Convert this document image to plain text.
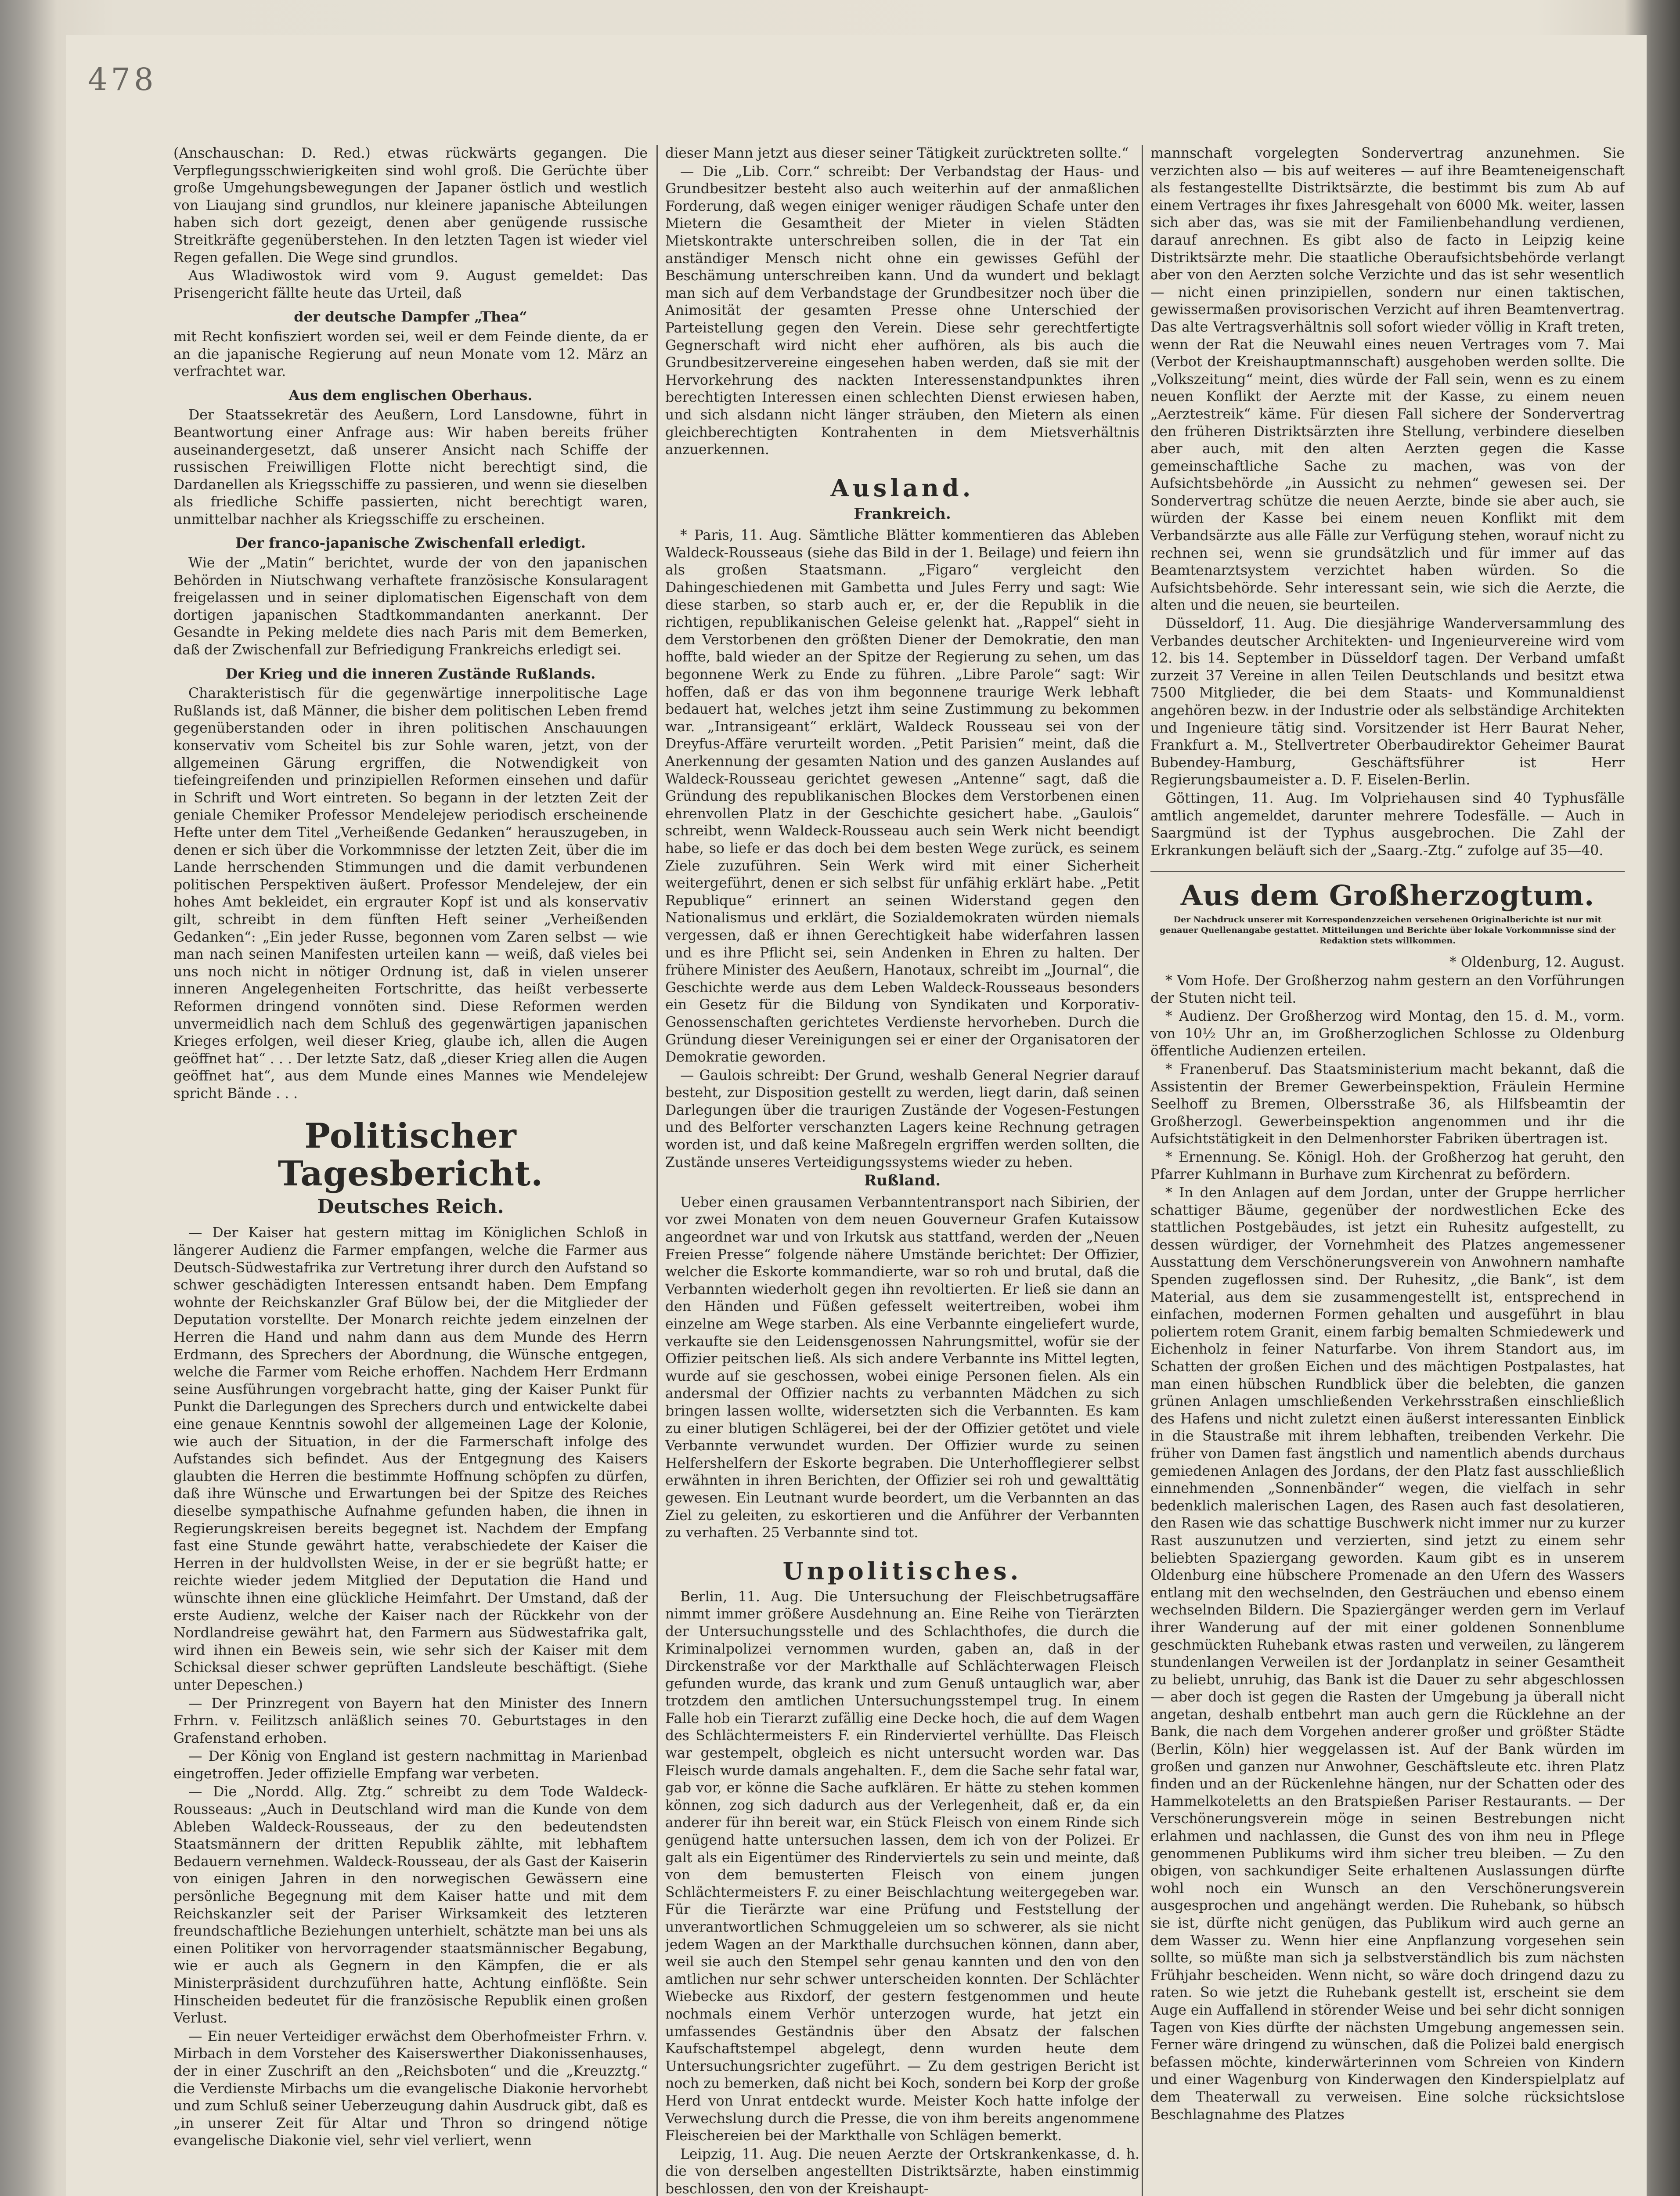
478

(Anschauschan: D. Red.) etwas rückwärts gegangen. Die Verpflegungsschwierigkeiten sind wohl groß. Die Gerüchte über große Umgehungsbewegungen der Japaner östlich und westlich von Liaujang sind grundlos, nur kleinere japanische Abteilungen haben sich dort gezeigt, denen aber genügende russische Streitkräfte gegenüberstehen. In den letzten Tagen ist wieder viel Regen gefallen. Die Wege sind grundlos.

Aus Wladiwostok wird vom 9. August gemeldet: Das Prisengericht fällte heute das Urteil, daß

der deutsche Dampfer „Thea“

mit Recht konfisziert worden sei, weil er dem Feinde diente, da er an die japanische Regierung auf neun Monate vom 12. März an verfrachtet war.

Aus dem englischen Oberhaus.

Der Staatssekretär des Aeußern, Lord Lansdowne, führt in Beantwortung einer Anfrage aus: Wir haben bereits früher auseinandergesetzt, daß unserer Ansicht nach Schiffe der russischen Freiwilligen Flotte nicht berechtigt sind, die Dardanellen als Kriegsschiffe zu passieren, und wenn sie dieselben als friedliche Schiffe passierten, nicht berechtigt waren, unmittelbar nachher als Kriegsschiffe zu erscheinen.

Der franco-japanische Zwischenfall erledigt.

Wie der „Matin“ berichtet, wurde der von den japanischen Behörden in Niutschwang verhaftete französische Konsularagent freigelassen und in seiner diplomatischen Eigenschaft von dem dortigen japanischen Stadtkommandanten anerkannt. Der Gesandte in Peking meldete dies nach Paris mit dem Bemerken, daß der Zwischenfall zur Befriedigung Frankreichs erledigt sei.

Der Krieg und die inneren Zustände Rußlands.

Charakteristisch für die gegenwärtige innerpolitische Lage Rußlands ist, daß Männer, die bisher dem politischen Leben fremd gegenüberstanden oder in ihren politischen Anschauungen konservativ vom Scheitel bis zur Sohle waren, jetzt, von der allgemeinen Gärung ergriffen, die Notwendigkeit von tiefeingreifenden und prinzipiellen Reformen einsehen und dafür in Schrift und Wort eintreten. So begann in der letzten Zeit der geniale Chemiker Professor Mendelejew periodisch erscheinende Hefte unter dem Titel „Verheißende Gedanken“ herauszugeben, in denen er sich über die Vorkommnisse der letzten Zeit, über die im Lande herrschenden Stimmungen und die damit verbundenen politischen Perspektiven äußert. Professor Mendelejew, der ein hohes Amt bekleidet, ein ergrauter Kopf ist und als konservativ gilt, schreibt in dem fünften Heft seiner „Verheißenden Gedanken“: „Ein jeder Russe, begonnen vom Zaren selbst — wie man nach seinen Manifesten urteilen kann — weiß, daß vieles bei uns noch nicht in nötiger Ordnung ist, daß in vielen unserer inneren Angelegenheiten Fortschritte, das heißt verbesserte Reformen dringend vonnöten sind. Diese Reformen werden unvermeidlich nach dem Schluß des gegenwärtigen japanischen Krieges erfolgen, weil dieser Krieg, glaube ich, allen die Augen geöffnet hat“ . . . Der letzte Satz, daß „dieser Krieg allen die Augen geöffnet hat“, aus dem Munde eines Mannes wie Mendelejew spricht Bände . . .

Politischer Tagesbericht.
Deutsches Reich.

— Der Kaiser hat gestern mittag im Königlichen Schloß in längerer Audienz die Farmer empfangen, welche die Farmer aus Deutsch-Südwestafrika zur Vertretung ihrer durch den Aufstand so schwer geschädigten Interessen entsandt haben. Dem Empfang wohnte der Reichskanzler Graf Bülow bei, der die Mitglieder der Deputation vorstellte. Der Monarch reichte jedem einzelnen der Herren die Hand und nahm dann aus dem Munde des Herrn Erdmann, des Sprechers der Abordnung, die Wünsche entgegen, welche die Farmer vom Reiche erhoffen. Nachdem Herr Erdmann seine Ausführungen vorgebracht hatte, ging der Kaiser Punkt für Punkt die Darlegungen des Sprechers durch und entwickelte dabei eine genaue Kenntnis sowohl der allgemeinen Lage der Kolonie, wie auch der Situation, in der die Farmerschaft infolge des Aufstandes sich befindet. Aus der Entgegnung des Kaisers glaubten die Herren die bestimmte Hoffnung schöpfen zu dürfen, daß ihre Wünsche und Erwartungen bei der Spitze des Reiches dieselbe sympathische Aufnahme gefunden haben, die ihnen in Regierungskreisen bereits begegnet ist. Nachdem der Empfang fast eine Stunde gewährt hatte, verabschiedete der Kaiser die Herren in der huldvollsten Weise, in der er sie begrüßt hatte; er reichte wieder jedem Mitglied der Deputation die Hand und wünschte ihnen eine glückliche Heimfahrt. Der Umstand, daß der erste Audienz, welche der Kaiser nach der Rückkehr von der Nordlandreise gewährt hat, den Farmern aus Südwestafrika galt, wird ihnen ein Beweis sein, wie sehr sich der Kaiser mit dem Schicksal dieser schwer geprüften Landsleute beschäftigt. (Siehe unter Depeschen.)

— Der Prinzregent von Bayern hat den Minister des Innern Frhrn. v. Feilitzsch anläßlich seines 70. Geburtstages in den Grafenstand erhoben.

— Der König von England ist gestern nachmittag in Marienbad eingetroffen. Jeder offizielle Empfang war verbeten.

— Die „Nordd. Allg. Ztg.“ schreibt zu dem Tode Waldeck-Rousseaus: „Auch in Deutschland wird man die Kunde von dem Ableben Waldeck-Rousseaus, der zu den bedeutendsten Staatsmännern der dritten Republik zählte, mit lebhaftem Bedauern vernehmen. Waldeck-Rousseau, der als Gast der Kaiserin von einigen Jahren in den norwegischen Gewässern eine persönliche Begegnung mit dem Kaiser hatte und mit dem Reichskanzler seit der Pariser Wirksamkeit des letzteren freundschaftliche Beziehungen unterhielt, schätzte man bei uns als einen Politiker von hervorragender staatsmännischer Begabung, wie er auch als Gegnern in den Kämpfen, die er als Ministerpräsident durchzuführen hatte, Achtung einflößte. Sein Hinscheiden bedeutet für die französische Republik einen großen Verlust.

— Ein neuer Verteidiger erwächst dem Oberhofmeister Frhrn. v. Mirbach in dem Vorsteher des Kaiserswerther Diakonissenhauses, der in einer Zuschrift an den „Reichsboten“ und die „Kreuzztg.“ die Verdienste Mirbachs um die evangelische Diakonie hervorhebt und zum Schluß seiner Ueberzeugung dahin Ausdruck gibt, daß es „in unserer Zeit für Altar und Thron so dringend nötige evangelische Diakonie viel, sehr viel verliert, wenn

dieser Mann jetzt aus dieser seiner Tätigkeit zurücktreten sollte.“

— Die „Lib. Corr.“ schreibt: Der Verbandstag der Haus- und Grundbesitzer besteht also auch weiterhin auf der anmaßlichen Forderung, daß wegen einiger weniger räudigen Schafe unter den Mietern die Gesamtheit der Mieter in vielen Städten Mietskontrakte unterschreiben sollen, die in der Tat ein anständiger Mensch nicht ohne ein gewisses Gefühl der Beschämung unterschreiben kann. Und da wundert und beklagt man sich auf dem Verbandstage der Grundbesitzer noch über die Animosität der gesamten Presse ohne Unterschied der Parteistellung gegen den Verein. Diese sehr gerechtfertigte Gegnerschaft wird nicht eher aufhören, als bis auch die Grundbesitzervereine eingesehen haben werden, daß sie mit der Hervorkehrung des nackten Interessenstandpunktes ihren berechtigten Interessen einen schlechten Dienst erwiesen haben, und sich alsdann nicht länger sträuben, den Mietern als einen gleichberechtigten Kontrahenten in dem Mietsverhältnis anzuerkennen.

Ausland.
Frankreich.

* Paris, 11. Aug. Sämtliche Blätter kommentieren das Ableben Waldeck-Rousseaus (siehe das Bild in der 1. Beilage) und feiern ihn als großen Staatsmann. „Figaro“ vergleicht den Dahingeschiedenen mit Gambetta und Jules Ferry und sagt: Wie diese starben, so starb auch er, er, der die Republik in die richtigen, republikanischen Geleise gelenkt hat. „Rappel“ sieht in dem Verstorbenen den größten Diener der Demokratie, den man hoffte, bald wieder an der Spitze der Regierung zu sehen, um das begonnene Werk zu Ende zu führen. „Libre Parole“ sagt: Wir hoffen, daß er das von ihm begonnene traurige Werk lebhaft bedauert hat, welches jetzt ihm seine Zustimmung zu bekommen war. „Intransigeant“ erklärt, Waldeck Rousseau sei von der Dreyfus-Affäre verurteilt worden. „Petit Parisien“ meint, daß die Anerkennung der gesamten Nation und des ganzen Auslandes auf Waldeck-Rousseau gerichtet gewesen „Antenne“ sagt, daß die Gründung des republikanischen Blockes dem Verstorbenen einen ehrenvollen Platz in der Geschichte gesichert habe. „Gaulois“ schreibt, wenn Waldeck-Rousseau auch sein Werk nicht beendigt habe, so liefe er das doch bei dem besten Wege zurück, es seinem Ziele zuzuführen. Sein Werk wird mit einer Sicherheit weitergeführt, denen er sich selbst für unfähig erklärt habe. „Petit Republique“ erinnert an seinen Widerstand gegen den Nationalismus und erklärt, die Sozialdemokraten würden niemals vergessen, daß er ihnen Gerechtigkeit habe widerfahren lassen und es ihre Pflicht sei, sein Andenken in Ehren zu halten. Der frühere Minister des Aeußern, Hanotaux, schreibt im „Journal“, die Geschichte werde aus dem Leben Waldeck-Rousseaus besonders ein Gesetz für die Bildung von Syndikaten und Korporativ-Genossenschaften gerichtetes Verdienste hervorheben. Durch die Gründung dieser Vereinigungen sei er einer der Organisatoren der Demokratie geworden.

— Gaulois schreibt: Der Grund, weshalb General Negrier darauf besteht, zur Disposition gestellt zu werden, liegt darin, daß seinen Darlegungen über die traurigen Zustände der Vogesen-Festungen und des Belforter verschanzten Lagers keine Rechnung getragen worden ist, und daß keine Maßregeln ergriffen werden sollten, die Zustände unseres Verteidigungssystems wieder zu heben.

Rußland.

Ueber einen grausamen Verbanntentransport nach Sibirien, der vor zwei Monaten von dem neuen Gouverneur Grafen Kutaissow angeordnet war und von Irkutsk aus stattfand, werden der „Neuen Freien Presse“ folgende nähere Umstände berichtet: Der Offizier, welcher die Eskorte kommandierte, war so roh und brutal, daß die Verbannten wiederholt gegen ihn revoltierten. Er ließ sie dann an den Händen und Füßen gefesselt weitertreiben, wobei ihm einzelne am Wege starben. Als eine Verbannte eingeliefert wurde, verkaufte sie den Leidensgenossen Nahrungsmittel, wofür sie der Offizier peitschen ließ. Als sich andere Verbannte ins Mittel legten, wurde auf sie geschossen, wobei einige Personen fielen. Als ein andersmal der Offizier nachts zu verbannten Mädchen zu sich bringen lassen wollte, widersetzten sich die Verbannten. Es kam zu einer blutigen Schlägerei, bei der der Offizier getötet und viele Verbannte verwundet wurden. Der Offizier wurde zu seinen Helfershelfern der Eskorte begraben. Die Unterhofflegierer selbst erwähnten in ihren Berichten, der Offizier sei roh und gewalttätig gewesen. Ein Leutnant wurde beordert, um die Verbannten an das Ziel zu geleiten, zu eskortieren und die Anführer der Verbannten zu verhaften. 25 Verbannte sind tot.

Unpolitisches.

Berlin, 11. Aug. Die Untersuchung der Fleischbetrugsaffäre nimmt immer größere Ausdehnung an. Eine Reihe von Tierärzten der Untersuchungsstelle und des Schlachthofes, die durch die Kriminalpolizei vernommen wurden, gaben an, daß in der Dirckenstraße vor der Markthalle auf Schlächterwagen Fleisch gefunden wurde, das krank und zum Genuß untauglich war, aber trotzdem den amtlichen Untersuchungsstempel trug. In einem Falle hob ein Tierarzt zufällig eine Decke hoch, die auf dem Wagen des Schlächtermeisters F. ein Rinderviertel verhüllte. Das Fleisch war gestempelt, obgleich es nicht untersucht worden war. Das Fleisch wurde damals angehalten. F., dem die Sache sehr fatal war, gab vor, er könne die Sache aufklären. Er hätte zu stehen kommen können, zog sich dadurch aus der Verlegenheit, daß er, da ein anderer für ihn bereit war, ein Stück Fleisch von einem Rinde sich genügend hatte untersuchen lassen, dem ich von der Polizei. Er galt als ein Eigentümer des Rinderviertels zu sein und meinte, daß von dem bemusterten Fleisch von einem jungen Schlächtermeisters F. zu einer Beischlachtung weitergegeben war. Für die Tierärzte war eine Prüfung und Feststellung der unverantwortlichen Schmuggeleien um so schwerer, als sie nicht jedem Wagen an der Markthalle durchsuchen können, dann aber, weil sie auch den Stempel sehr genau kannten und den von den amtlichen nur sehr schwer unterscheiden konnten. Der Schlächter Wiebecke aus Rixdorf, der gestern festgenommen und heute nochmals einem Verhör unterzogen wurde, hat jetzt ein umfassendes Geständnis über den Absatz der falschen Kaufschaftstempel abgelegt, denn wurden heute dem Untersuchungsrichter zugeführt. — Zu dem gestrigen Bericht ist noch zu bemerken, daß nicht bei Koch, sondern bei Korp der große Herd von Unrat entdeckt wurde. Meister Koch hatte infolge der Verwechslung durch die Presse, die von ihm bereits angenommene Fleischereien bei der Markthalle von Schlägen bemerkt.

Leipzig, 11. Aug. Die neuen Aerzte der Ortskrankenkasse, d. h. die von derselben angestellten Distriktsärzte, haben einstimmig beschlossen, den von der Kreishaupt-

mannschaft vorgelegten Sondervertrag anzunehmen. Sie verzichten also — bis auf weiteres — auf ihre Beamteneigenschaft als festangestellte Distriktsärzte, die bestimmt bis zum Ab auf einem Vertrages ihr fixes Jahresgehalt von 6000 Mk. weiter, lassen sich aber das, was sie mit der Familienbehandlung verdienen, darauf anrechnen. Es gibt also de facto in Leipzig keine Distriktsärzte mehr. Die staatliche Oberaufsichtsbehörde verlangt aber von den Aerzten solche Verzichte und das ist sehr wesentlich — nicht einen prinzipiellen, sondern nur einen taktischen, gewissermaßen provisorischen Verzicht auf ihren Beamtenvertrag. Das alte Vertragsverhältnis soll sofort wieder völlig in Kraft treten, wenn der Rat die Neuwahl eines neuen Vertrages vom 7. Mai (Verbot der Kreishauptmannschaft) ausgehoben werden sollte. Die „Volkszeitung“ meint, dies würde der Fall sein, wenn es zu einem neuen Konflikt der Aerzte mit der Kasse, zu einem neuen „Aerztestreik“ käme. Für diesen Fall sichere der Sondervertrag den früheren Distriktsärzten ihre Stellung, verbindere dieselben aber auch, mit den alten Aerzten gegen die Kasse gemeinschaftliche Sache zu machen, was von der Aufsichtsbehörde „in Aussicht zu nehmen“ gewesen sei. Der Sondervertrag schütze die neuen Aerzte, binde sie aber auch, sie würden der Kasse bei einem neuen Konflikt mit dem Verbandsärzte aus alle Fälle zur Verfügung stehen, worauf nicht zu rechnen sei, wenn sie grundsätzlich und für immer auf das Beamtenarztsystem verzichtet haben würden. So die Aufsichtsbehörde. Sehr interessant sein, wie sich die Aerzte, die alten und die neuen, sie beurteilen.

Düsseldorf, 11. Aug. Die diesjährige Wanderversammlung des Verbandes deutscher Architekten- und Ingenieurvereine wird vom 12. bis 14. September in Düsseldorf tagen. Der Verband umfaßt zurzeit 37 Vereine in allen Teilen Deutschlands und besitzt etwa 7500 Mitglieder, die bei dem Staats- und Kommunaldienst angehören bezw. in der Industrie oder als selbständige Architekten und Ingenieure tätig sind. Vorsitzender ist Herr Baurat Neher, Frankfurt a. M., Stellvertreter Oberbaudirektor Geheimer Baurat Bubendey-Hamburg, Geschäftsführer ist Herr Regierungsbaumeister a. D. F. Eiselen-Berlin.

Göttingen, 11. Aug. Im Volpriehausen sind 40 Typhusfälle amtlich angemeldet, darunter mehrere Todesfälle. — Auch in Saargmünd ist der Typhus ausgebrochen. Die Zahl der Erkrankungen beläuft sich der „Saarg.-Ztg.“ zufolge auf 35—40.

Aus dem Großherzogtum.
Der Nachdruck unserer mit Korrespondenzzeichen versehenen Originalberichte ist nur mit genauer Quellenangabe gestattet. Mitteilungen und Berichte über lokale Vorkommnisse sind der Redaktion stets willkommen.

* Oldenburg, 12. August.

* Vom Hofe. Der Großherzog nahm gestern an den Vorführungen der Stuten nicht teil.

* Audienz. Der Großherzog wird Montag, den 15. d. M., vorm. von 10½ Uhr an, im Großherzoglichen Schlosse zu Oldenburg öffentliche Audienzen erteilen.

* Franenberuf. Das Staatsministerium macht bekannt, daß die Assistentin der Bremer Gewerbeinspektion, Fräulein Hermine Seelhoff zu Bremen, Olbersstraße 36, als Hilfsbeamtin der Großherzogl. Gewerbeinspektion angenommen und ihr die Aufsichtstätigkeit in den Delmenhorster Fabriken übertragen ist.

* Ernennung. Se. Königl. Hoh. der Großherzog hat geruht, den Pfarrer Kuhlmann in Burhave zum Kirchenrat zu befördern.

* In den Anlagen auf dem Jordan, unter der Gruppe herrlicher schattiger Bäume, gegenüber der nordwestlichen Ecke des stattlichen Postgebäudes, ist jetzt ein Ruhesitz aufgestellt, zu dessen würdiger, der Vornehmheit des Platzes angemessener Ausstattung dem Verschönerungsverein von Anwohnern namhafte Spenden zugeflossen sind. Der Ruhesitz, „die Bank“, ist dem Material, aus dem sie zusammengestellt ist, entsprechend in einfachen, modernen Formen gehalten und ausgeführt in blau poliertem rotem Granit, einem farbig bemalten Schmiedewerk und Eichenholz in feiner Naturfarbe. Von ihrem Standort aus, im Schatten der großen Eichen und des mächtigen Postpalastes, hat man einen hübschen Rundblick über die belebten, die ganzen grünen Anlagen umschließenden Verkehrsstraßen einschließlich des Hafens und nicht zuletzt einen äußerst interessanten Einblick in die Staustraße mit ihrem lebhaften, treibenden Verkehr. Die früher von Damen fast ängstlich und namentlich abends durchaus gemiedenen Anlagen des Jordans, der den Platz fast ausschließlich einnehmenden „Sonnenbänder“ wegen, die vielfach in sehr bedenklich malerischen Lagen, des Rasen auch fast desolatieren, den Rasen wie das schattige Buschwerk nicht immer nur zu kurzer Rast auszunutzen und verzierten, sind jetzt zu einem sehr beliebten Spaziergang geworden. Kaum gibt es in unserem Oldenburg eine hübschere Promenade an den Ufern des Wassers entlang mit den wechselnden, den Gesträuchen und ebenso einem wechselnden Bildern. Die Spaziergänger werden gern im Verlauf ihrer Wanderung auf der mit einer goldenen Sonnenblume geschmückten Ruhebank etwas rasten und verweilen, zu längerem stundenlangen Verweilen ist der Jordanplatz in seiner Gesamtheit zu beliebt, unruhig, das Bank ist die Dauer zu sehr abgeschlossen — aber doch ist gegen die Rasten der Umgebung ja überall nicht angetan, deshalb entbehrt man auch gern die Rücklehne an der Bank, die nach dem Vorgehen anderer großer und größter Städte (Berlin, Köln) hier weggelassen ist. Auf der Bank würden im großen und ganzen nur Anwohner, Geschäftsleute etc. ihren Platz finden und an der Rückenlehne hängen, nur der Schatten oder des Hammelkoteletts an den Bratspießen Pariser Restaurants. — Der Verschönerungsverein möge in seinen Bestrebungen nicht erlahmen und nachlassen, die Gunst des von ihm neu in Pflege genommenen Publikums wird ihm sicher treu bleiben. — Zu den obigen, von sachkundiger Seite erhaltenen Auslassungen dürfte wohl noch ein Wunsch an den Verschönerungsverein ausgesprochen und angehängt werden. Die Ruhebank, so hübsch sie ist, dürfte nicht genügen, das Publikum wird auch gerne an dem Wasser zu. Wenn hier eine Anpflanzung vorgesehen sein sollte, so müßte man sich ja selbstverständlich bis zum nächsten Frühjahr bescheiden. Wenn nicht, so wäre doch dringend dazu zu raten. So wie jetzt die Ruhebank gestellt ist, erscheint sie dem Auge ein Auffallend in störender Weise und bei sehr dicht sonnigen Tagen von Kies dürfte der nächsten Umgebung angemessen sein. Ferner wäre dringend zu wünschen, daß die Polizei bald energisch befassen möchte, kinderwärterinnen vom Schreien von Kindern und einer Wagenburg von Kinderwagen den Kinderspielplatz auf dem Theaterwall zu verweisen. Eine solche rücksichtslose Beschlagnahme des Platzes
